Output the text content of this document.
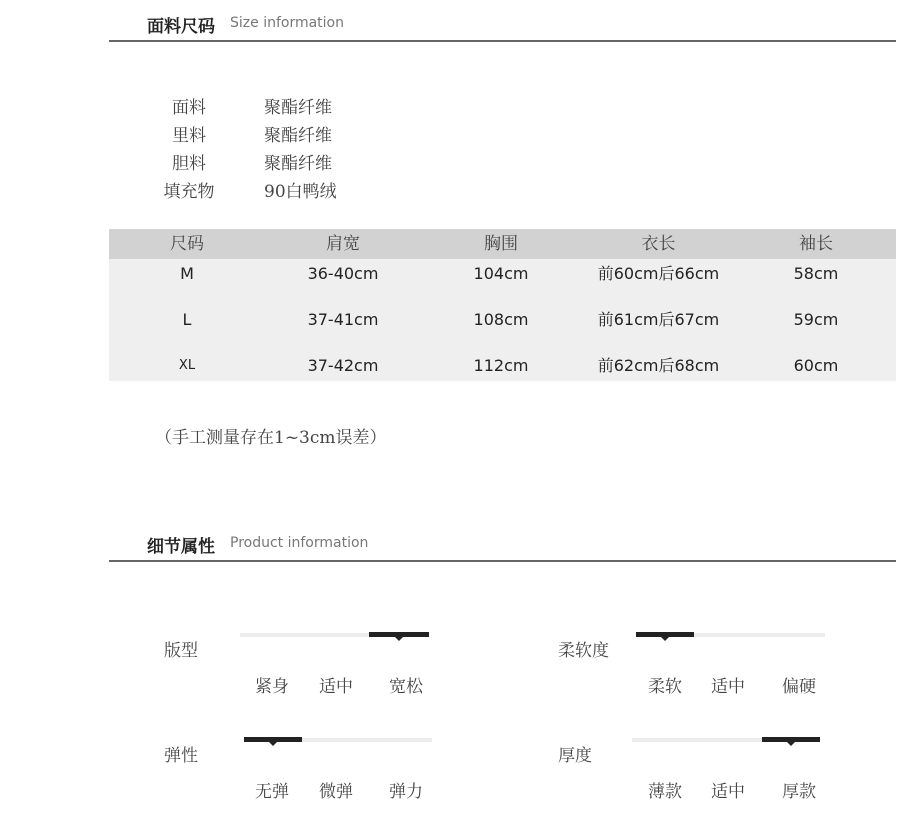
面料尺码 Size information
面料	聚酯纤维
里料	聚酯纤维
胆料	聚酯纤维
填充物	90白鸭绒
尺码	肩宽	胸围	衣长	袖长
M	36-40cm	104cm	前60cm后66cm	58cm
L	37-41cm	108cm	前61cm后67cm	59cm
XL	37-42cm	112cm	前62cm后68cm	60cm
（手工测量存在1~3cm误差）
细节属性 Product information
版型
紧身	适中	宽松
柔软度
柔软	适中	偏硬
弹性
无弹	微弹	弹力
厚度
薄款	适中	厚款
